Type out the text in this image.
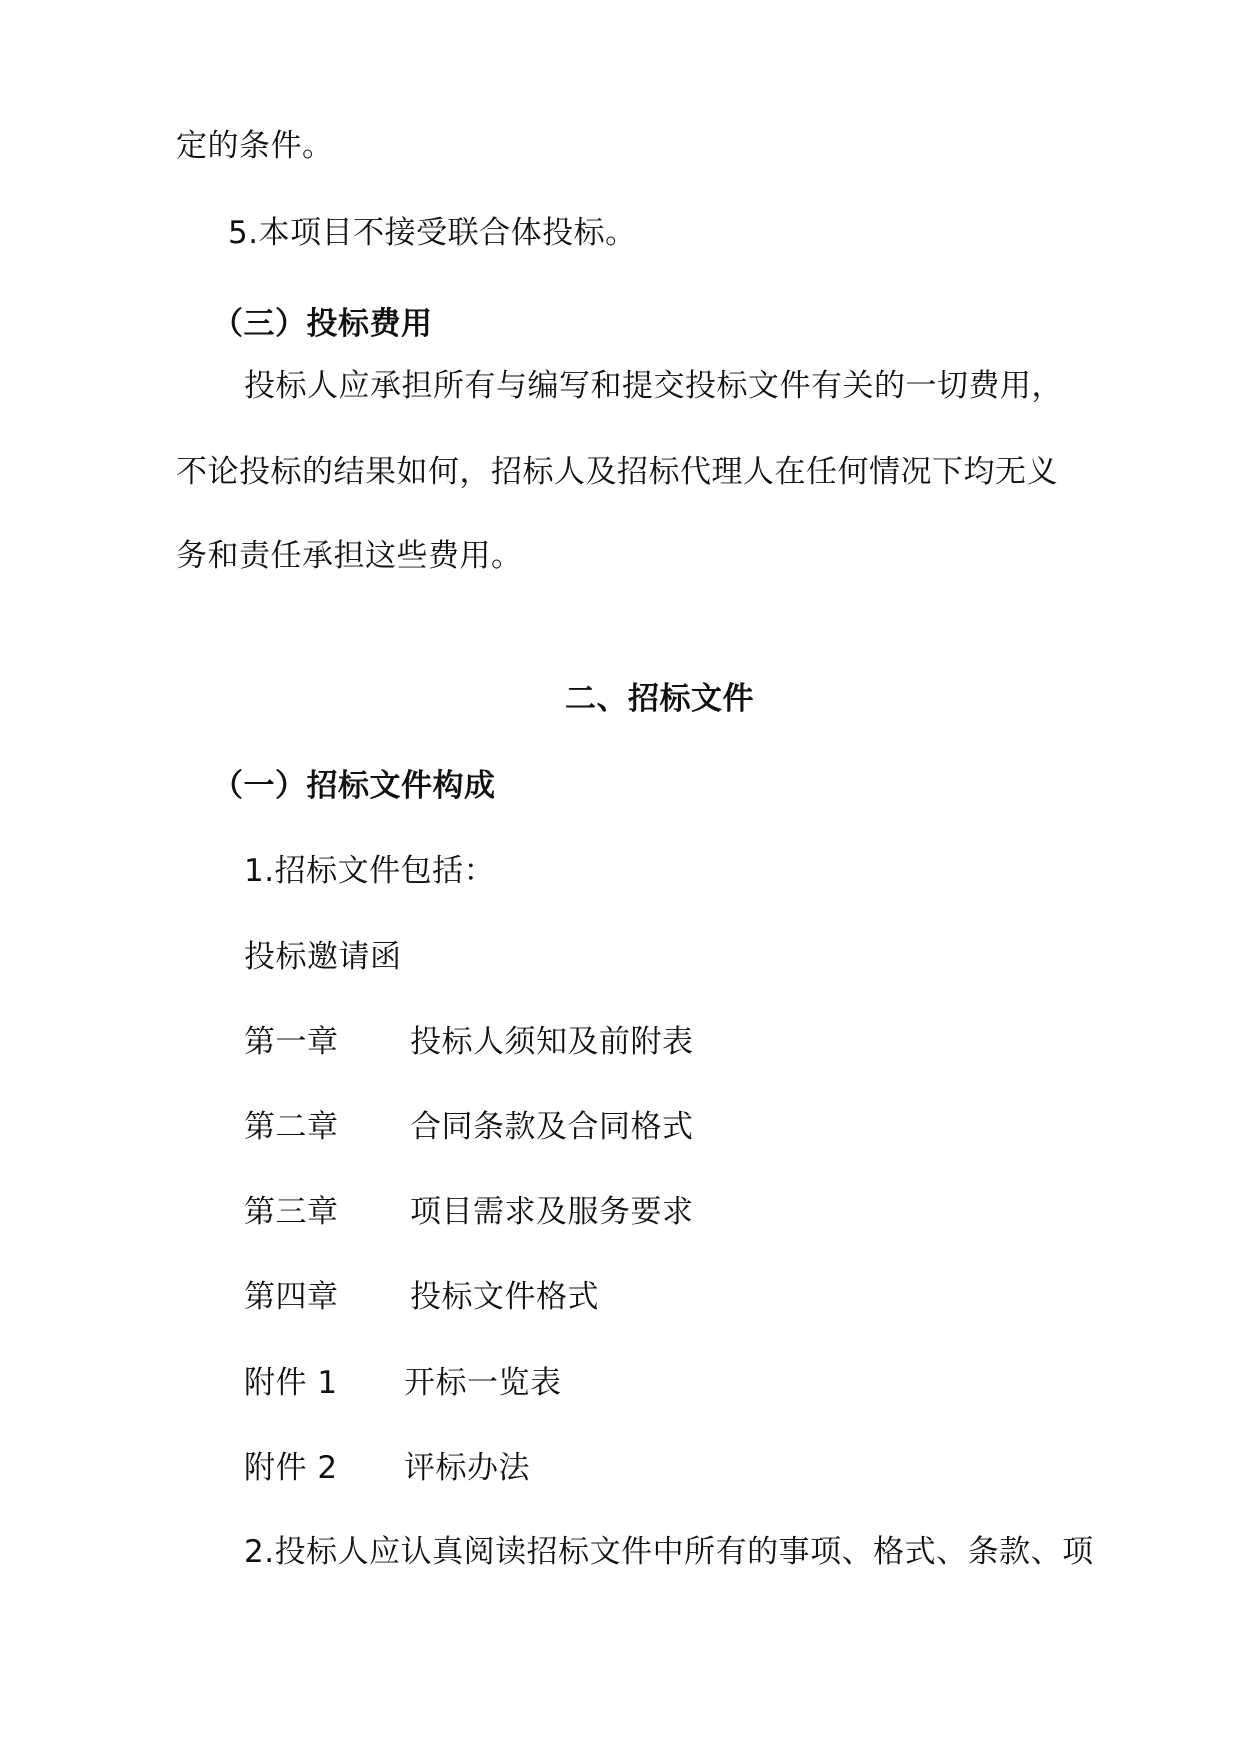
定的条件。
5.本项目不接受联合体投标。
（三）投标费用
投标人应承担所有与编写和提交投标文件有关的一切费用，
不论投标的结果如何，招标人及招标代理人在任何情况下均无义
务和责任承担这些费用。
二、招标文件
（一）招标文件构成
1.招标文件包括：
投标邀请函
第一章 投标人须知及前附表
第二章 合同条款及合同格式
第三章 项目需求及服务要求
第四章 投标文件格式
附件 1 开标一览表
附件 2 评标办法
2.投标人应认真阅读招标文件中所有的事项、格式、条款、项
